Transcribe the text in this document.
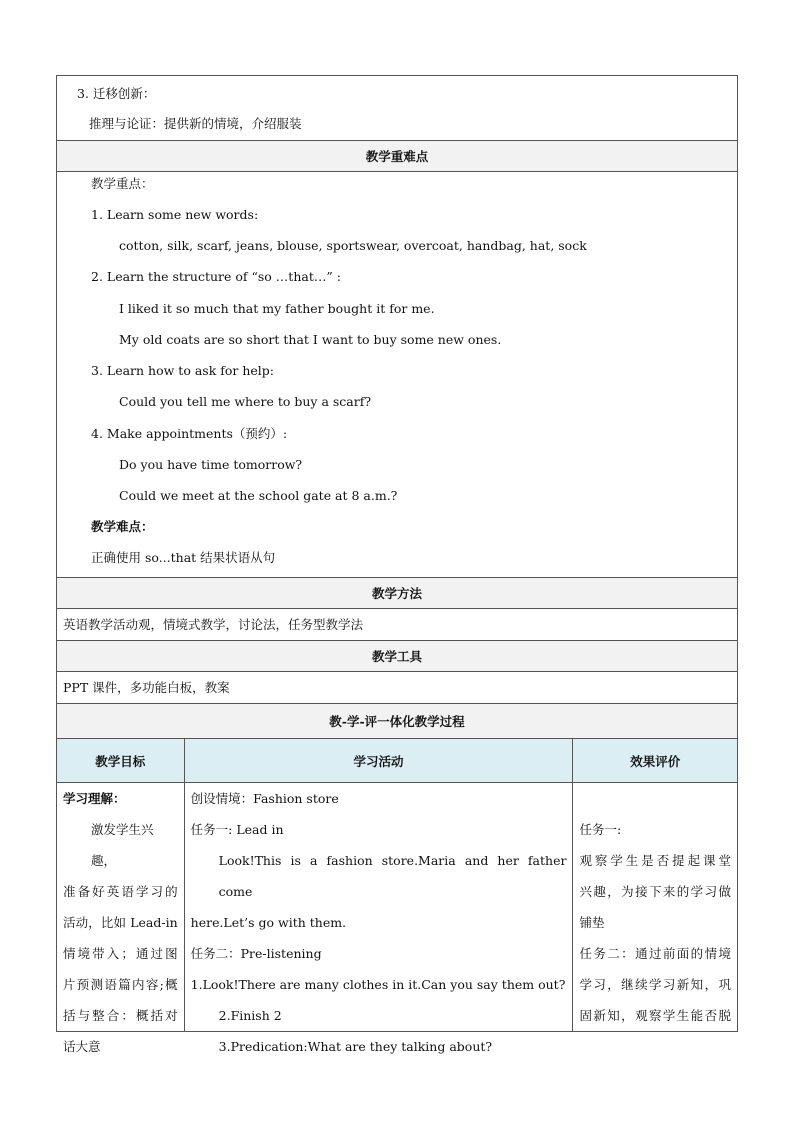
3. 迁移创新：
推理与论证：提供新的情境，介绍服装
教学重难点
教学重点：
1. Learn some new words:
cotton, silk, scarf, jeans, blouse, sportswear, overcoat, handbag, hat, sock
2. Learn the structure of “so …that…” :
I liked it so much that my father bought it for me.
My old coats are so short that I want to buy some new ones.
3. Learn how to ask for help:
Could you tell me where to buy a scarf?
4. Make appointments（预约）:
Do you have time tomorrow?
Could we meet at the school gate at 8 a.m.?
教学难点：
正确使用 so...that 结果状语从句
教学方法
英语教学活动观，情境式教学，讨论法，任务型教学法
教学工具
PPT 课件，多功能白板，教案
教-学-评一体化教学过程
教学目标	学习活动	效果评价
学习理解：
激发学生兴趣，
准备好英语学习的
活动，比如 Lead-in
情境带入；通过图
片预测语篇内容;概
括与整合：概括对
话大意
创设情境：Fashion store
任务一: Lead in
Look!This is a fashion store.Maria and her father come
here.Let’s go with them.
任务二：Pre-listening
1.Look!There are many clothes in it.Can you say them out?
2.Finish 2
3.Predication:What are they talking about?
任务一:
观察学生是否提起课堂
兴趣，为接下来的学习做
铺垫
任务二：通过前面的情境
学习，继续学习新知，巩
固新知，观察学生能否脱
